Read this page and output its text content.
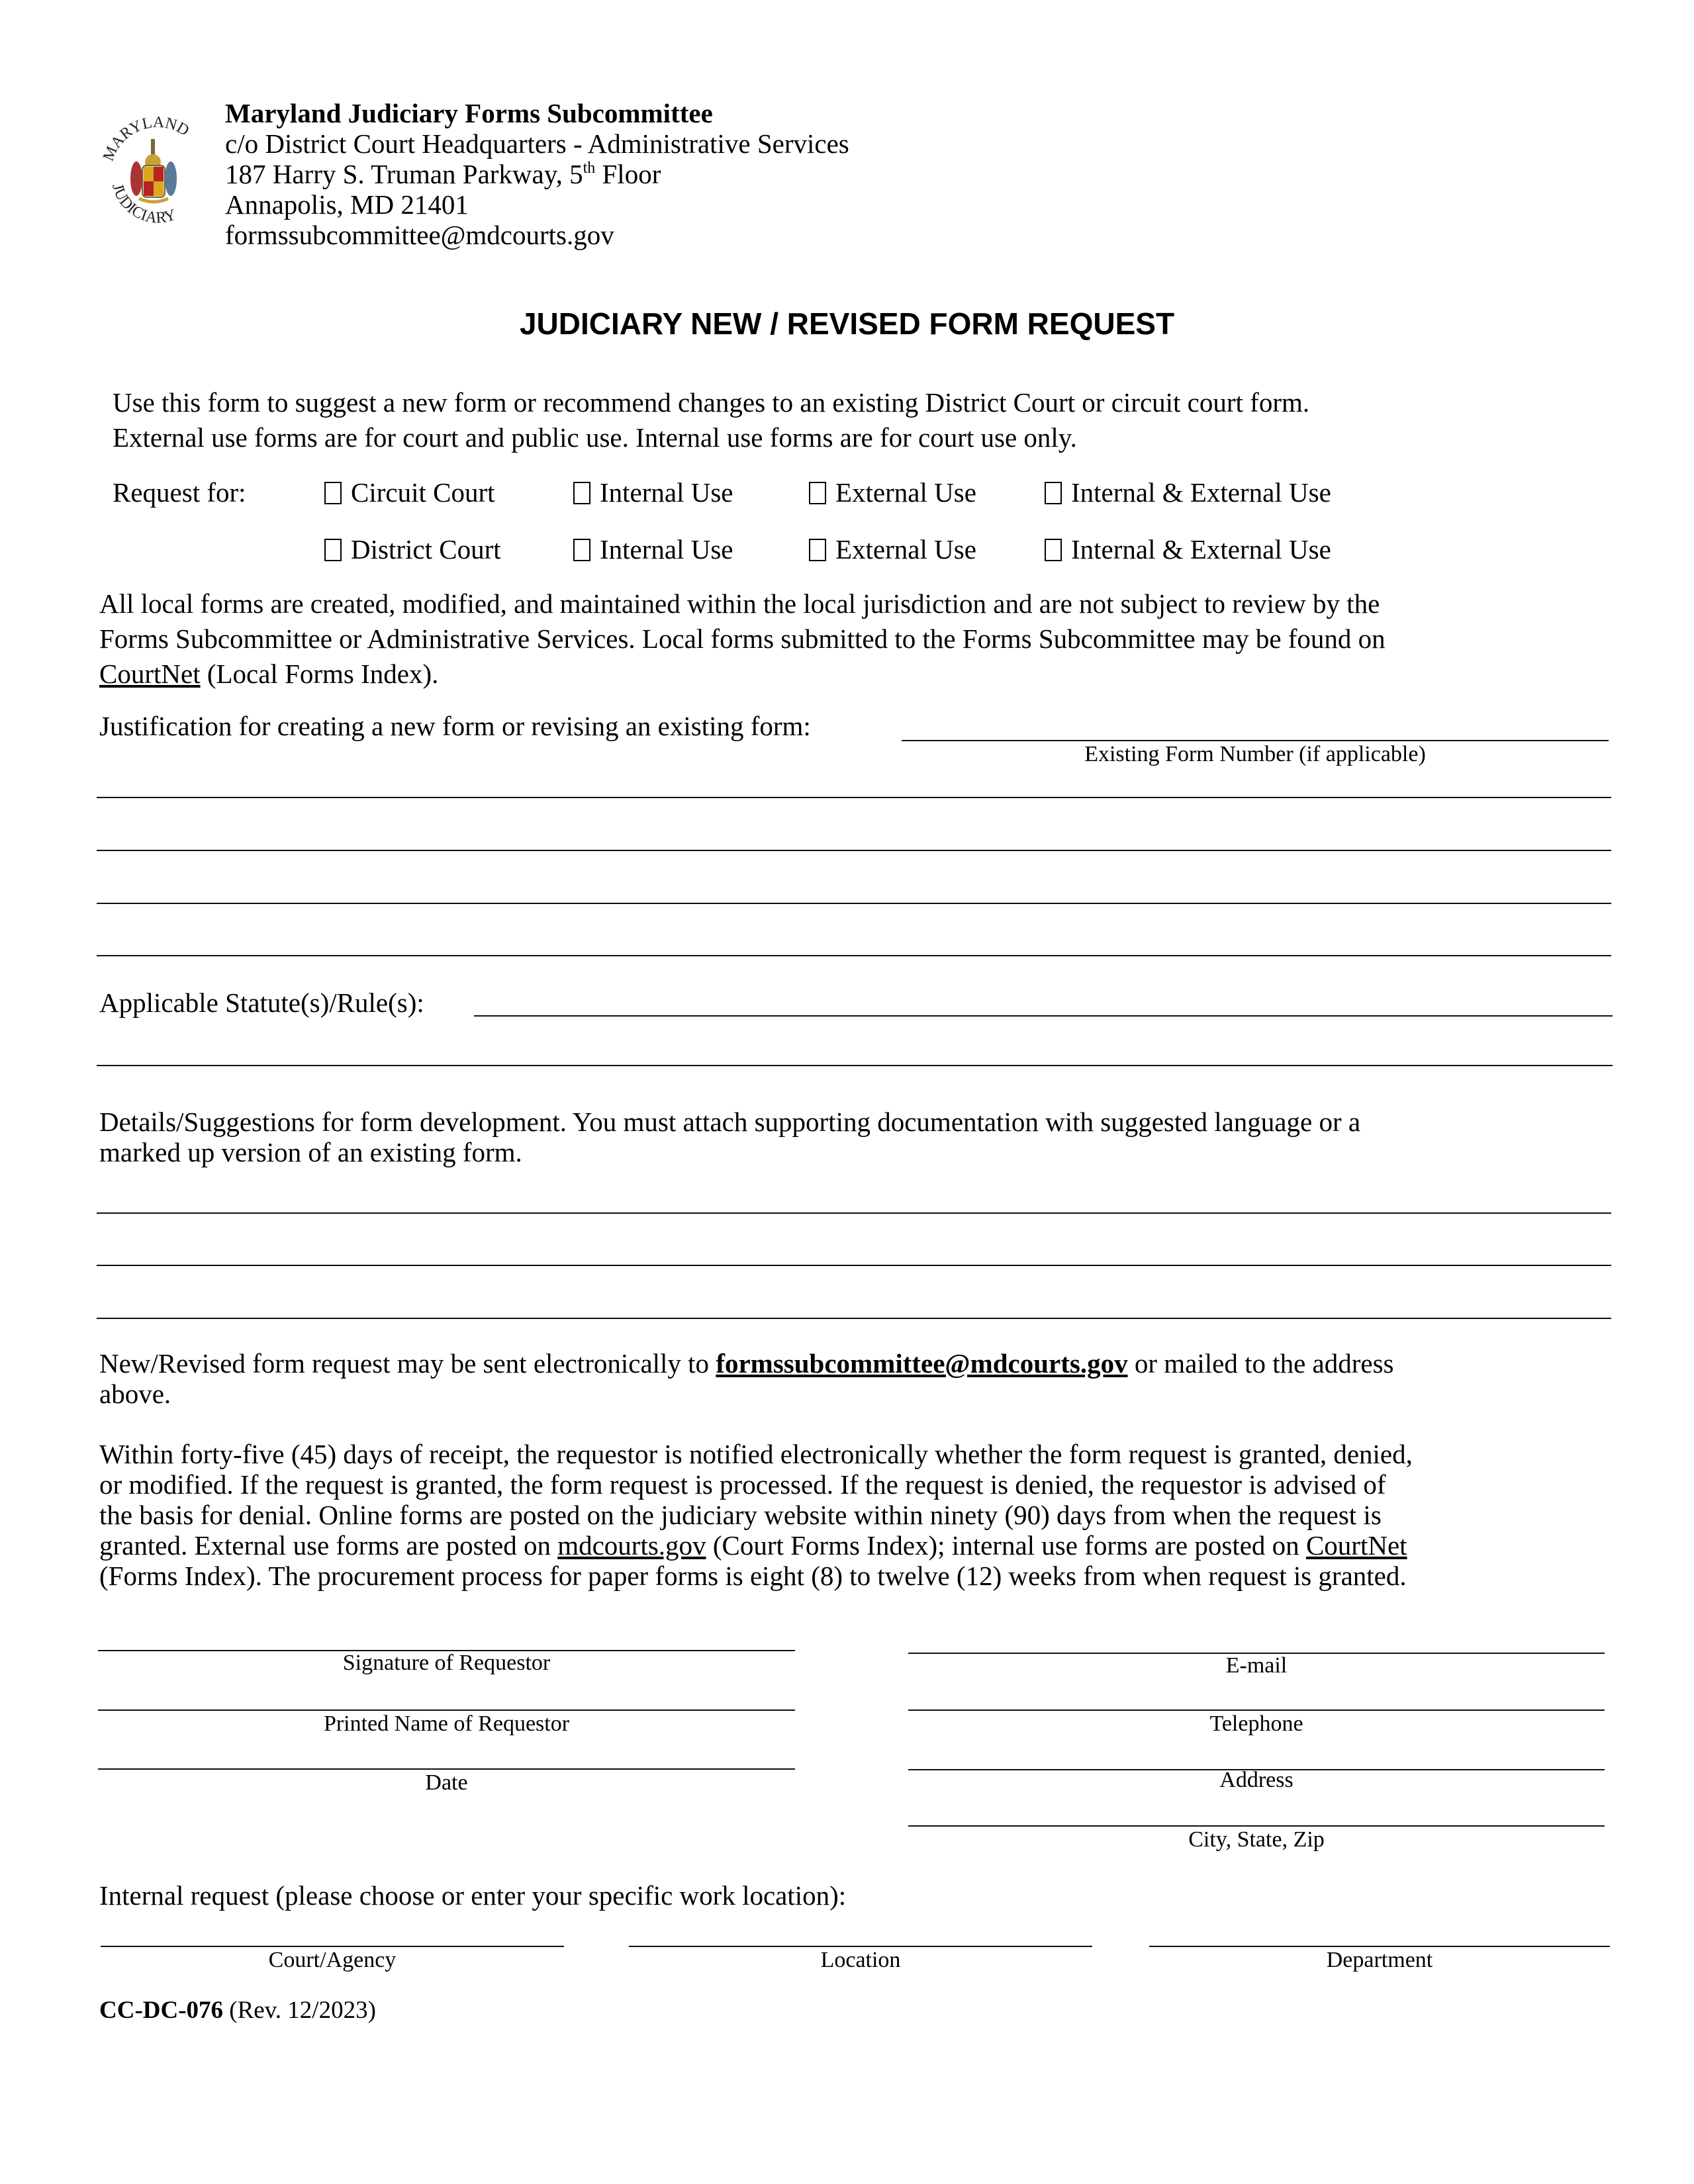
MARYLAND
JUDICIARY
Maryland Judiciary Forms Subcommittee
c/o District Court Headquarters - Administrative Services
187 Harry S. Truman Parkway, 5th Floor
Annapolis, MD 21401
formssubcommittee@mdcourts.gov
JUDICIARY NEW / REVISED FORM REQUEST
Use this form to suggest a new form or recommend changes to an existing District Court or circuit court form.
External use forms are for court and public use. Internal use forms are for court use only.
Request for:	Circuit Court	Internal Use	External Use	Internal & External Use
District Court	Internal Use	External Use	Internal & External Use
All local forms are created, modified, and maintained within the local jurisdiction and are not subject to review by the
Forms Subcommittee or Administrative Services. Local forms submitted to the Forms Subcommittee may be found on
CourtNet (Local Forms Index).
Justification for creating a new form or revising an existing form:
Existing Form Number (if applicable)
Applicable Statute(s)/Rule(s):
Details/Suggestions for form development. You must attach supporting documentation with suggested language or a
marked up version of an existing form.
New/Revised form request may be sent electronically to formssubcommittee@mdcourts.gov or mailed to the address
above.
Within forty-five (45) days of receipt, the requestor is notified electronically whether the form request is granted, denied,
or modified. If the request is granted, the form request is processed. If the request is denied, the requestor is advised of
the basis for denial. Online forms are posted on the judiciary website within ninety (90) days from when the request is
granted. External use forms are posted on mdcourts.gov (Court Forms Index); internal use forms are posted on CourtNet
(Forms Index). The procurement process for paper forms is eight (8) to twelve (12) weeks from when request is granted.
Signature of Requestor
Printed Name of Requestor
Date
E-mail
Telephone
Address
City, State, Zip
Internal request (please choose or enter your specific work location):
Court/Agency	Location	Department
CC-DC-076 (Rev. 12/2023)
